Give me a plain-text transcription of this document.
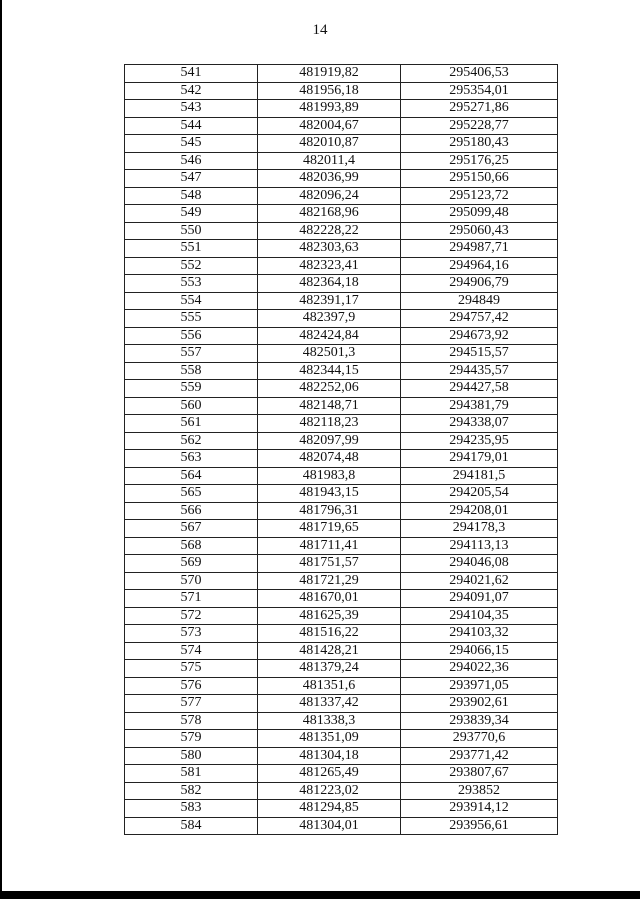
14
541	481919,82	295406,53
542	481956,18	295354,01
543	481993,89	295271,86
544	482004,67	295228,77
545	482010,87	295180,43
546	482011,4	295176,25
547	482036,99	295150,66
548	482096,24	295123,72
549	482168,96	295099,48
550	482228,22	295060,43
551	482303,63	294987,71
552	482323,41	294964,16
553	482364,18	294906,79
554	482391,17	294849
555	482397,9	294757,42
556	482424,84	294673,92
557	482501,3	294515,57
558	482344,15	294435,57
559	482252,06	294427,58
560	482148,71	294381,79
561	482118,23	294338,07
562	482097,99	294235,95
563	482074,48	294179,01
564	481983,8	294181,5
565	481943,15	294205,54
566	481796,31	294208,01
567	481719,65	294178,3
568	481711,41	294113,13
569	481751,57	294046,08
570	481721,29	294021,62
571	481670,01	294091,07
572	481625,39	294104,35
573	481516,22	294103,32
574	481428,21	294066,15
575	481379,24	294022,36
576	481351,6	293971,05
577	481337,42	293902,61
578	481338,3	293839,34
579	481351,09	293770,6
580	481304,18	293771,42
581	481265,49	293807,67
582	481223,02	293852
583	481294,85	293914,12
584	481304,01	293956,61
